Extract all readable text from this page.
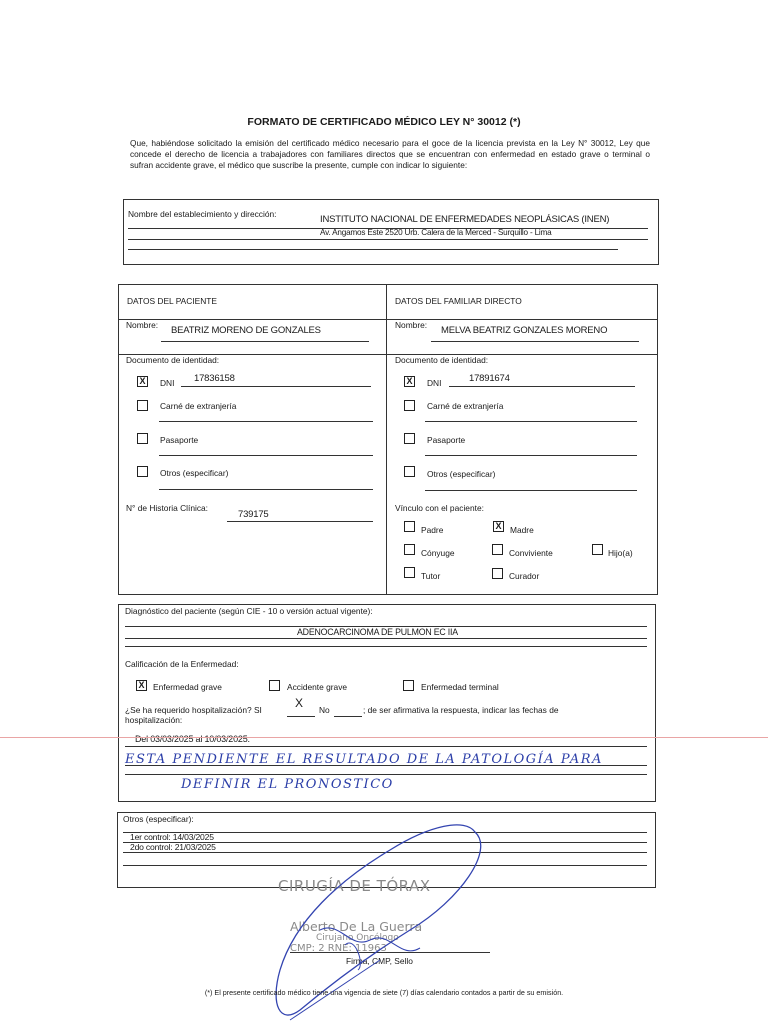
FORMATO DE CERTIFICADO MÉDICO LEY N° 30012 (*)
Que, habiéndose solicitado la emisión del certificado médico necesario para el goce de la licencia prevista en la Ley N° 30012, Ley que concede el derecho de licencia a trabajadores con familiares directos que se encuentran con enfermedad en estado grave o terminal o sufran accidente grave, el médico que suscribe la presente, cumple con indicar lo siguiente:
Nombre del establecimiento y dirección:	INSTITUTO NACIONAL DE ENFERMEDADES NEOPLÁSICAS (INEN)
Av. Angamos Este 2520 Urb. Calera de la Merced - Surquillo - Lima
DATOS DEL PACIENTE
Nombre: BEATRIZ MORENO DE GONZALES
Documento de identidad:
X DNI 17836158
Carné de extranjería
Pasaporte
Otros (especificar)
N° de Historia Clínica:
739175
DATOS DEL FAMILIAR DIRECTO
Nombre: MELVA BEATRIZ GONZALES MORENO
Documento de identidad:
X DNI	17891674
Carné de extranjería
Pasaporte
Otros (especificar)
Vínculo con el paciente:
Padre	X Madre
Cónyuge	Conviviente	Hijo(a)
Tutor	Curador
Diagnóstico del paciente (según CIE - 10 o versión actual vigente):
ADENOCARCINOMA DE PULMON EC IIA
Calificación de la Enfermedad:
X Enfermedad grave	Accidente grave	Enfermedad terminal
¿Se ha requerido hospitalización? SI	X No	; de ser afirmativa la respuesta, indicar las fechas de
hospitalización:
Del 03/03/2025 al 10/03/2025.
ESTA PENDIENTE EL RESULTADO DE LA PATOLOGÍA PARA
DEFINIR EL PRONOSTICO
Otros (especificar):
1er control: 14/03/2025
2do control: 21/03/2025
CIRUGÍA DE TÓRAX
Alberto De La Guerra
Cirujano Oncólogo
CMP: 2 RNE: 11963
Firma, CMP, Sello
(*) El presente certificado médico tiene una vigencia de siete (7) días calendario contados a partir de su emisión.
